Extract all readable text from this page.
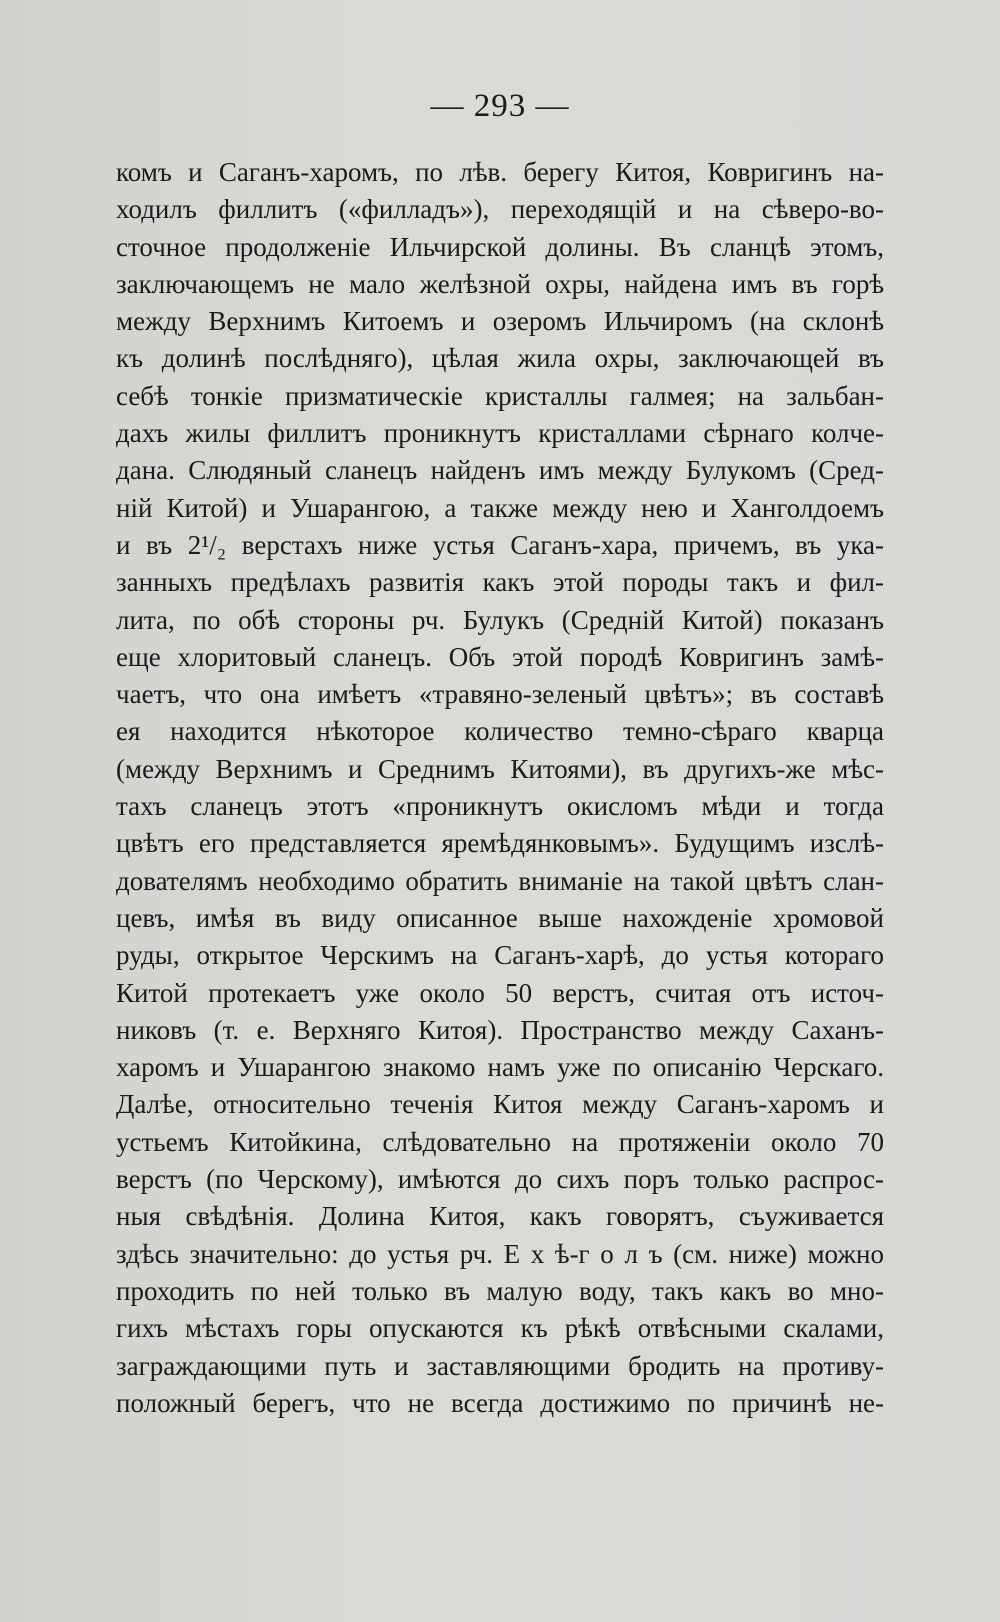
— 293 —
комъ и Саганъ-харомъ, по лѣв. берегу Китоя, Ковригинъ на-
ходилъ филлитъ («филладъ»), переходящій и на сѣверо-во-
сточное продолженіе Ильчирской долины. Въ сланцѣ этомъ,
заключающемъ не мало желѣзной охры, найдена имъ въ горѣ
между Верхнимъ Китоемъ и озеромъ Ильчиромъ (на склонѣ
къ долинѣ послѣдняго), цѣлая жила охры, заключающей въ
себѣ тонкіе призматическіе кристаллы галмея; на зальбан-
дахъ жилы филлитъ проникнутъ кристаллами сѣрнаго колче-
дана. Слюдяный сланецъ найденъ имъ между Булукомъ (Сред-
ній Китой) и Ушарангою, а также между нею и Ханголдоемъ
и въ 2¹/₂ верстахъ ниже устья Саганъ-хара, причемъ, въ ука-
занныхъ предѣлахъ развитія какъ этой породы такъ и фил-
лита, по обѣ стороны рч. Булукъ (Средній Китой) показанъ
еще хлоритовый сланецъ. Объ этой породѣ Ковригинъ замѣ-
чаетъ, что она имѣетъ «травяно-зеленый цвѣтъ»; въ составѣ
ея находится нѣкоторое количество темно-сѣраго кварца
(между Верхнимъ и Среднимъ Китоями), въ другихъ-же мѣс-
тахъ сланецъ этотъ «проникнутъ окисломъ мѣди и тогда
цвѣтъ его представляется яремѣдянковымъ». Будущимъ изслѣ-
дователямъ необходимо обратить вниманіе на такой цвѣтъ слан-
цевъ, имѣя въ виду описанное выше нахожденіе хромовой
руды, открытое Черскимъ на Саганъ-харѣ, до устья котораго
Китой протекаетъ уже около 50 верстъ, считая отъ источ-
никовъ (т. е. Верхняго Китоя). Пространство между Саханъ-
харомъ и Ушарангою знакомо намъ уже по описанію Черскаго.
Далѣе, относительно теченія Китоя между Саганъ-харомъ и
устьемъ Китойкина, слѣдовательно на протяженіи около 70
верстъ (по Черскому), имѣются до сихъ поръ только распрос-
ныя свѣдѣнія. Долина Китоя, какъ говорятъ, съуживается
здѣсь значительно: до устья рч. Е х ѣ-г о л ъ (см. ниже) можно
проходить по ней только въ малую воду, такъ какъ во мно-
гихъ мѣстахъ горы опускаются къ рѣкѣ отвѣсными скалами,
заграждающими путь и заставляющими бродить на противу-
положный берегъ, что не всегда достижимо по причинѣ не-
